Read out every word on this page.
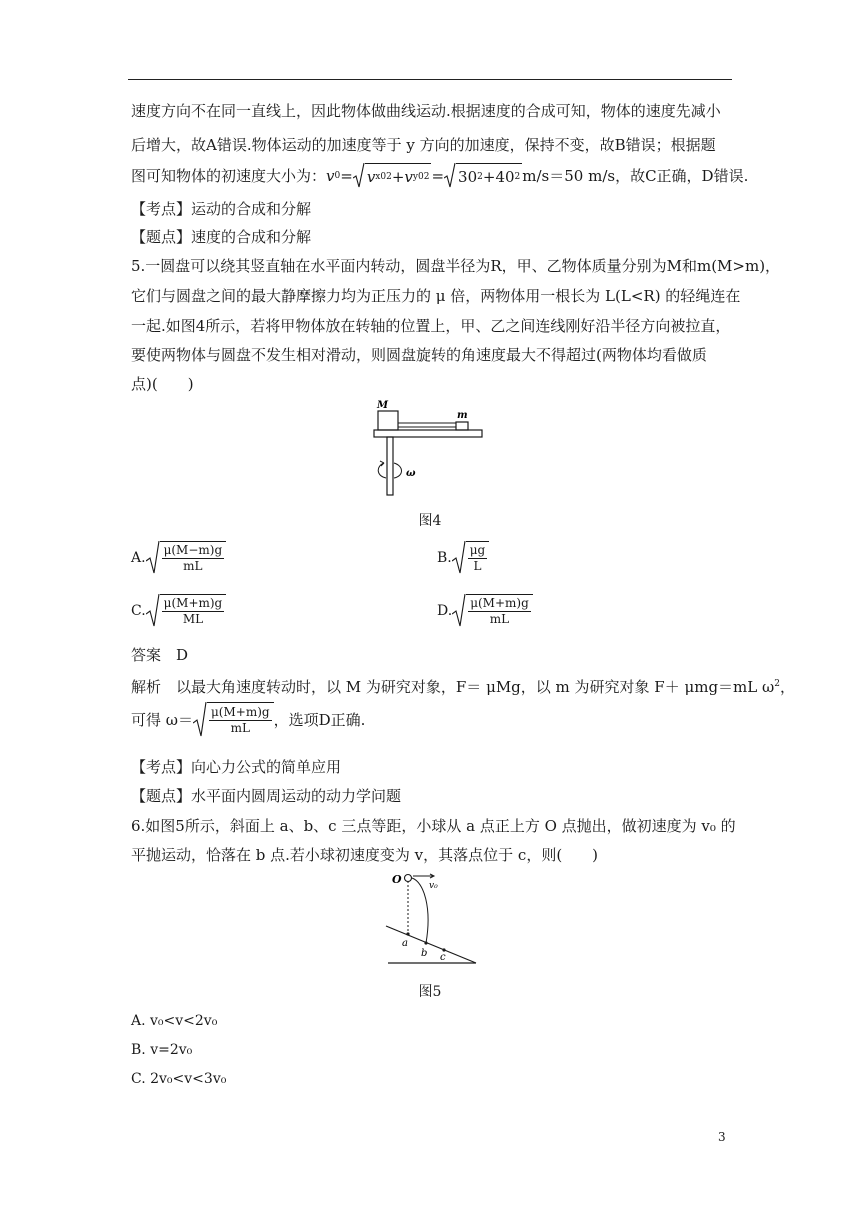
速度方向不在同一直线上，因此物体做曲线运动.根据速度的合成可知，物体的速度先减小
后增大，故A错误.物体运动的加速度等于 y 方向的加速度，保持不变，故B错误；根据题
图可知物体的初速度大小为： v 0 = v x0 2 + v y0 2 = 30 2 + 40 2 m/s＝50 m/s，故C正确，D错误.
【考点】运动的合成和分解
【题点】速度的合成和分解
5.一圆盘可以绕其竖直轴在水平面内转动，圆盘半径为R，甲、乙物体质量分别为M和m(M>m)，
它们与圆盘之间的最大静摩擦力均为正压力的 μ 倍，两物体用一根长为 L(L<R) 的轻绳连在
一起.如图4所示，若将甲物体放在转轴的位置上，甲、乙之间连线刚好沿半径方向被拉直，
要使两物体与圆盘不发生相对滑动，则圆盘旋转的角速度最大不得超过(两物体均看做质
点)(　　)
M
m
ω
图4
A. $\frac{\mu(M-m)g}{mL}$	B. $\frac{\mu g}{L}$
C. $\frac{\mu(M+m)g}{ML}$	D. $\frac{\mu(M+m)g}{mL}$
答案　D
解析　以最大角速度转动时，以 M 为研究对象，F＝ μMg，以 m 为研究对象 F＋ μmg＝mL $\omega^2$，
可得 $\omega= \frac{\mu(M+m)g}{mL}$ ，选项D正确.
【考点】向心力公式的简单应用
【题点】水平面内圆周运动的动力学问题
6.如图5所示，斜面上 a、b、c 三点等距，小球从 a 点正上方 O 点抛出，做初速度为 v₀ 的
平抛运动，恰落在 b 点.若小球初速度变为 v，其落点位于 c，则(　　)
O	v₀
a
b c
图5
A. v₀<v<2v₀
B. v=2v₀
C. 2v₀<v<3v₀
3
